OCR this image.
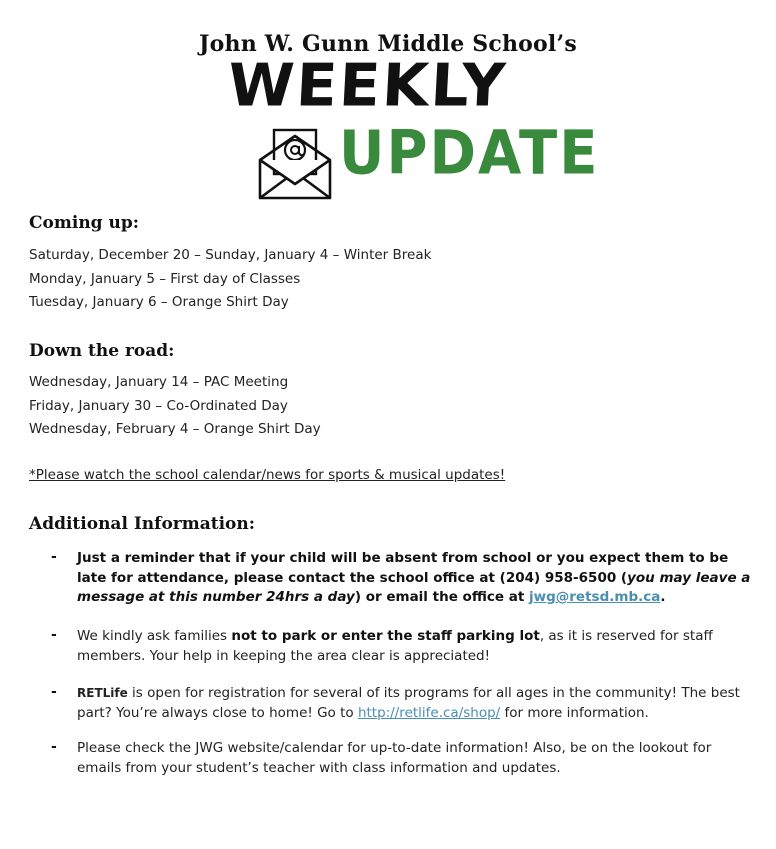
John W. Gunn Middle School’s
WEEKLY
UPDATE
Coming up:
Saturday, December 20 – Sunday, January 4 – Winter Break
Monday, January 5 – First day of Classes
Tuesday, January 6 – Orange Shirt Day
Down the road:
Wednesday, January 14 – PAC Meeting
Friday, January 30 – Co-Ordinated Day
Wednesday, February 4 – Orange Shirt Day
*Please watch the school calendar/news for sports & musical updates!
Additional Information:
- Just a reminder that if your child will be absent from school or you expect them to be late for attendance, please contact the school office at (204) 958-6500 (you may leave a message at this number 24hrs a day) or email the office at jwg@retsd.mb.ca.
- We kindly ask families not to park or enter the staff parking lot, as it is reserved for staff members. Your help in keeping the area clear is appreciated!
- RETLife is open for registration for several of its programs for all ages in the community! The best part? You’re always close to home! Go to http://retlife.ca/shop/ for more information.
- Please check the JWG website/calendar for up-to-date information! Also, be on the lookout for emails from your student’s teacher with class information and updates.
